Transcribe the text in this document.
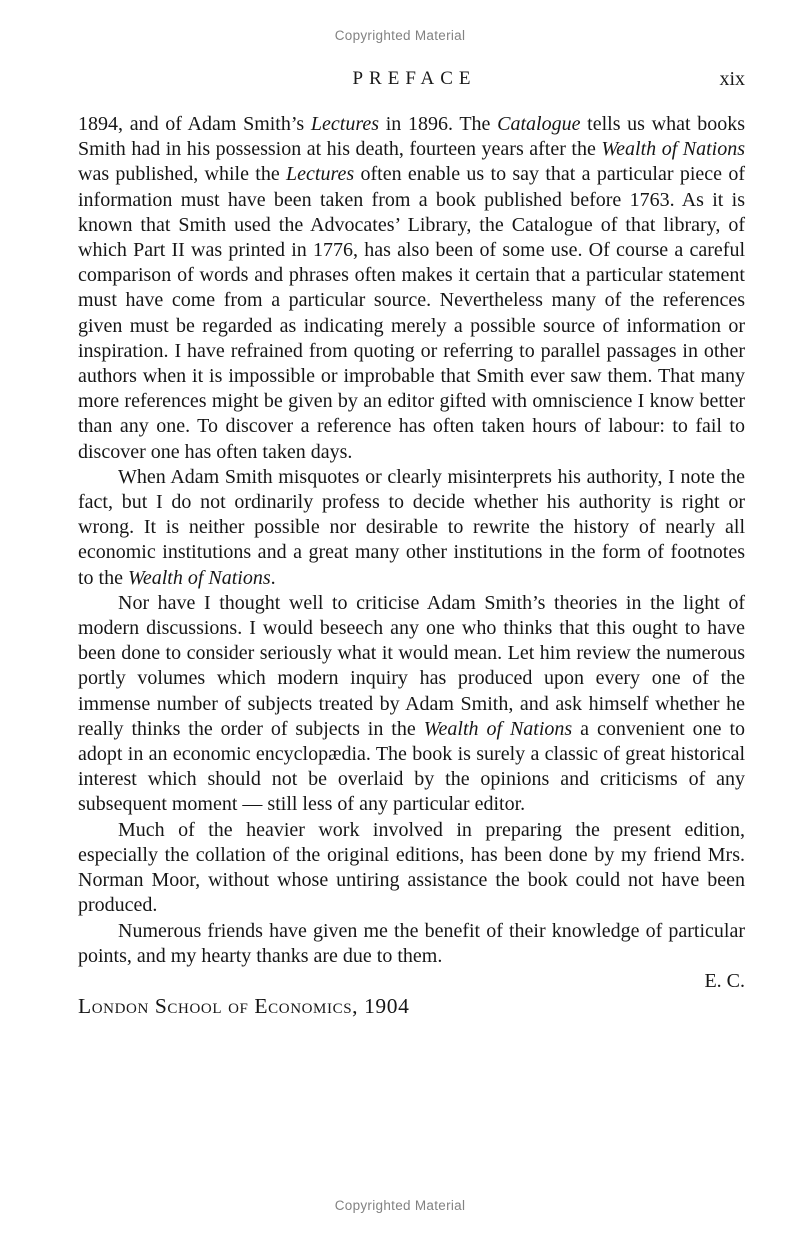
Copyrighted Material
PREFACE	xix

1894, and of Adam Smith’s Lectures in 1896. The Catalogue tells us what books Smith had in his possession at his death, fourteen years after the Wealth of Nations was published, while the Lectures often enable us to say that a particular piece of information must have been taken from a book published before 1763. As it is known that Smith used the Advocates’ Library, the Catalogue of that library, of which Part II was printed in 1776, has also been of some use. Of course a careful comparison of words and phrases often makes it certain that a particular statement must have come from a particular source. Nevertheless many of the references given must be regarded as indicating merely a possible source of information or inspiration. I have refrained from quoting or referring to parallel passages in other authors when it is impossible or improbable that Smith ever saw them. That many more references might be given by an editor gifted with omniscience I know better than any one. To discover a reference has often taken hours of labour: to fail to discover one has often taken days.

When Adam Smith misquotes or clearly misinterprets his authority, I note the fact, but I do not ordinarily profess to decide whether his authority is right or wrong. It is neither possible nor desirable to rewrite the history of nearly all economic institutions and a great many other institutions in the form of footnotes to the Wealth of Nations.

Nor have I thought well to criticise Adam Smith’s theories in the light of modern discussions. I would beseech any one who thinks that this ought to have been done to consider seriously what it would mean. Let him review the numerous portly volumes which modern inquiry has produced upon every one of the immense number of subjects treated by Adam Smith, and ask himself whether he really thinks the order of subjects in the Wealth of Nations a convenient one to adopt in an economic encyclopædia. The book is surely a classic of great historical interest which should not be overlaid by the opinions and criticisms of any subsequent moment — still less of any particular editor.

Much of the heavier work involved in preparing the present edition, especially the collation of the original editions, has been done by my friend Mrs. Norman Moor, without whose untiring assistance the book could not have been produced.

Numerous friends have given me the benefit of their knowledge of particular points, and my hearty thanks are due to them.

E. C.

London School of Economics, 1904

Copyrighted Material
